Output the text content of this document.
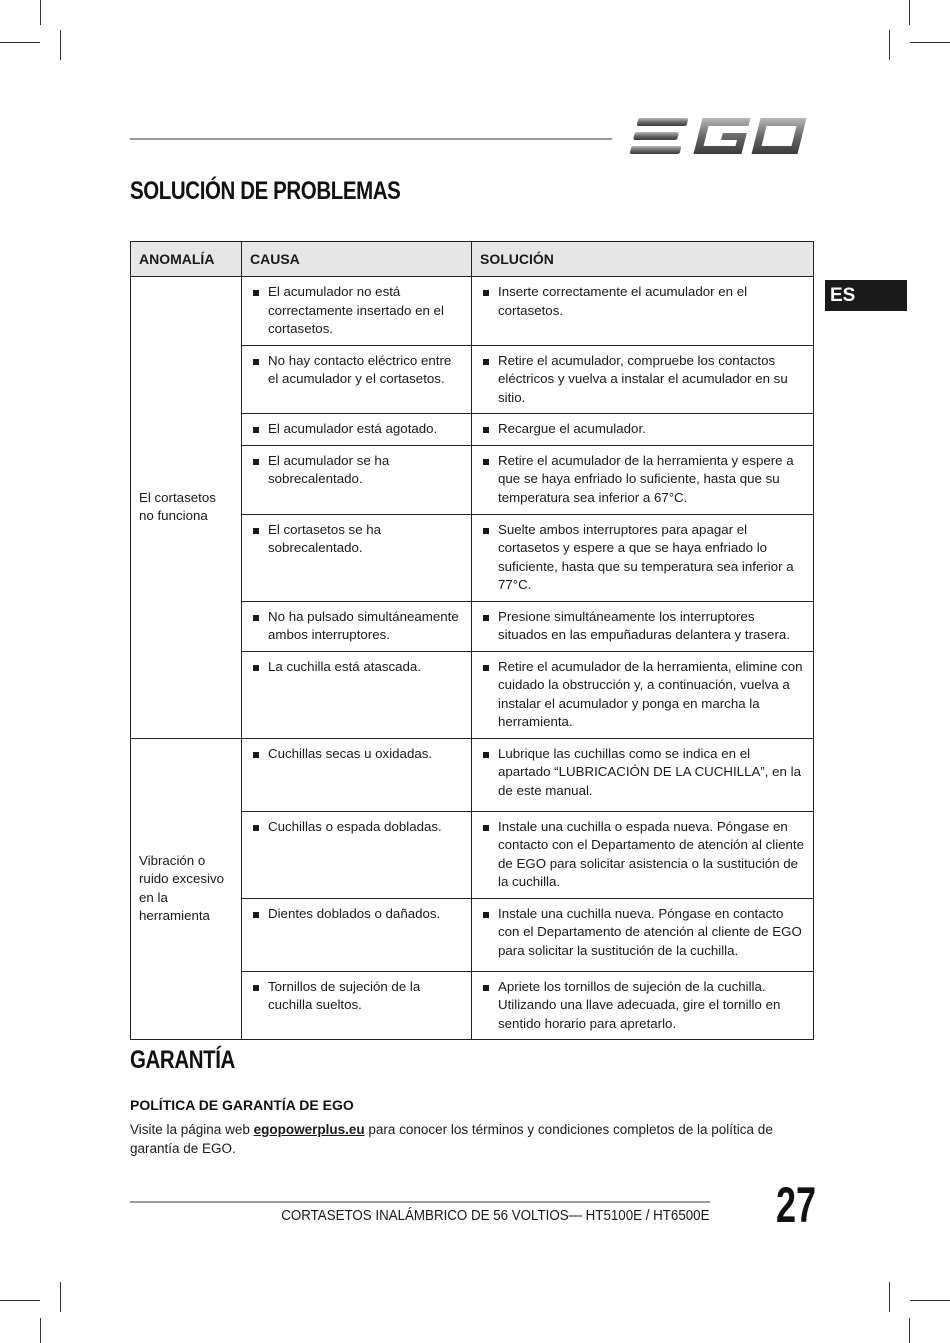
SOLUCIÓN DE PROBLEMAS
ES
ANOMALÍA	CAUSA	SOLUCIÓN
El cortasetos no funciona	El acumulador no está correctamente insertado en el cortasetos.	Inserte correctamente el acumulador en el cortasetos.

No hay contacto eléctrico entre el acumulador y el cortasetos.	Retire el acumulador, compruebe los contactos eléctricos y vuelva a instalar el acumulador en su sitio.

El acumulador está agotado.	Recargue el acumulador.

El acumulador se ha sobrecalentado.	Retire el acumulador de la herramienta y espere a que se haya enfriado lo suficiente, hasta que su temperatura sea inferior a 67°C.

El cortasetos se ha sobrecalentado.	Suelte ambos interruptores para apagar el cortasetos y espere a que se haya enfriado lo suficiente, hasta que su temperatura sea inferior a 77°C.

No ha pulsado simultáneamente ambos interruptores.	Presione simultáneamente los interruptores situados en las empuñaduras delantera y trasera.

La cuchilla está atascada.	Retire el acumulador de la herramienta, elimine con cuidado la obstrucción y, a continuación, vuelva a instalar el acumulador y ponga en marcha la herramienta.

Vibración o ruido excesivo en la herramienta	Cuchillas secas u oxidadas.	Lubrique las cuchillas como se indica en el apartado “LUBRICACIÓN DE LA CUCHILLA”, en la de este manual.

Cuchillas o espada dobladas.	Instale una cuchilla o espada nueva. Póngase en contacto con el Departamento de atención al cliente de EGO para solicitar asistencia o la sustitución de la cuchilla.

Dientes doblados o dañados.	Instale una cuchilla nueva. Póngase en contacto con el Departamento de atención al cliente de EGO para solicitar la sustitución de la cuchilla.

Tornillos de sujeción de la cuchilla sueltos.	Apriete los tornillos de sujeción de la cuchilla. Utilizando una llave adecuada, gire el tornillo en sentido horario para apretarlo.
GARANTÍA
POLÍTICA DE GARANTÍA DE EGO

Visite la página web egopowerplus.eu para conocer los términos y condiciones completos de la política de garantía de EGO.

CORTASETOS INALÁMBRICO DE 56 VOLTIOS— HT5100E / HT6500E 27
